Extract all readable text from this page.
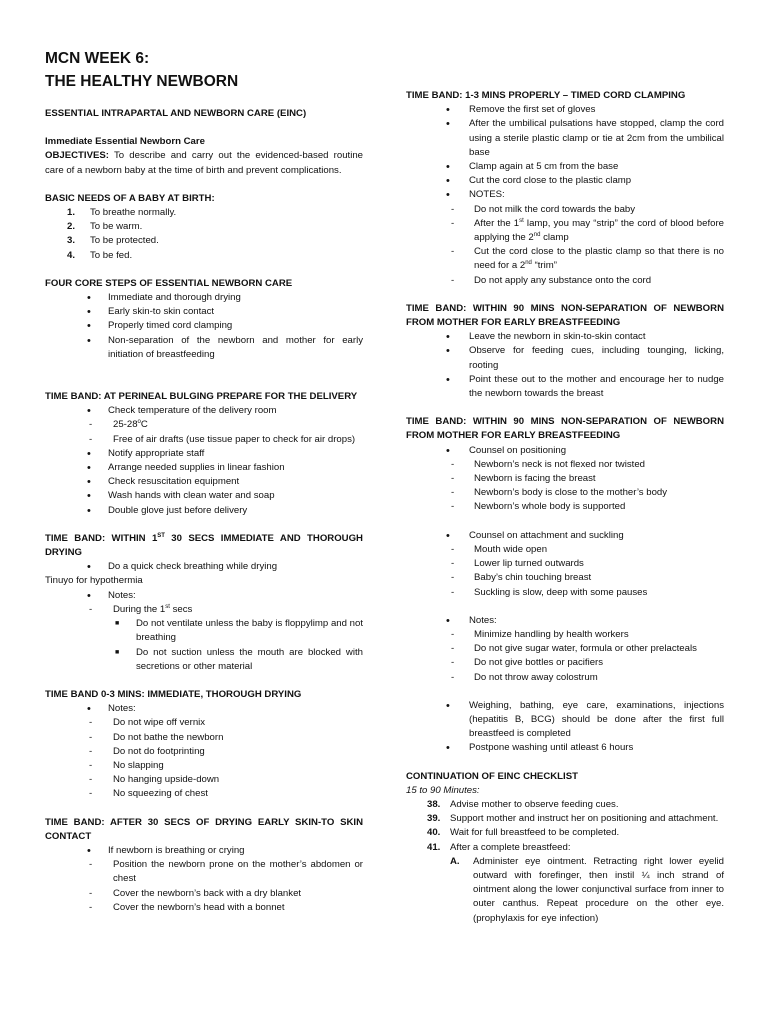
MCN WEEK 6:
THE HEALTHY NEWBORN
ESSENTIAL INTRAPARTAL AND NEWBORN CARE (EINC)
Immediate Essential Newborn Care
OBJECTIVES: To describe and carry out the evidenced-based routine care of a newborn baby at the time of birth and prevent complications.
BASIC NEEDS OF A BABY AT BIRTH:
1. To breathe normally.
2. To be warm.
3. To be protected.
4. To be fed.
FOUR CORE STEPS OF ESSENTIAL NEWBORN CARE
• Immediate and thorough drying
• Early skin-to skin contact
• Properly timed cord clamping
• Non-separation of the newborn and mother for early initiation of breastfeeding
TIME BAND: AT PERINEAL BULGING PREPARE FOR THE DELIVERY
• Check temperature of the delivery room
- 25-28$^o$C
- Free of air drafts (use tissue paper to check for air drops)
• Notify appropriate staff
• Arrange needed supplies in linear fashion
• Check resuscitation equipment
• Wash hands with clean water and soap
• Double glove just before delivery
TIME BAND: WITHIN 1ST 30 SECS IMMEDIATE AND THOROUGH DRYING
• Do a quick check breathing while drying
Tinuyo for hypothermia
• Notes:
- During the 1st secs
■ Do not ventilate unless the baby is floppylimp and not breathing
■ Do not suction unless the mouth are blocked with secretions or other material
TIME BAND 0-3 MINS: IMMEDIATE, THOROUGH DRYING
• Notes:
- Do not wipe off vernix
- Do not bathe the newborn
- Do not do footprinting
- No slapping
- No hanging upside-down
- No squeezing of chest
TIME BAND: AFTER 30 SECS OF DRYING EARLY SKIN-TO SKIN CONTACT
• If newborn is breathing or crying
- Position the newborn prone on the mother’s abdomen or chest
- Cover the newborn’s back with a dry blanket
- Cover the newborn’s head with a bonnet
TIME BAND: 1-3 MINS PROPERLY – TIMED CORD CLAMPING
• Remove the first set of gloves
• After the umbilical pulsations have stopped, clamp the cord using a sterile plastic clamp or tie at 2cm from the umbilical base
• Clamp again at 5 cm from the base
• Cut the cord close to the plastic clamp
• NOTES:
- Do not milk the cord towards the baby
- After the 1st lamp, you may “strip” the cord of blood before applying the 2nd clamp
- Cut the cord close to the plastic clamp so that there is no need for a 2nd “trim”
- Do not apply any substance onto the cord
TIME BAND: WITHIN 90 MINS NON-SEPARATION OF NEWBORN FROM MOTHER FOR EARLY BREASTFEEDING
• Leave the newborn in skin-to-skin contact
• Observe for feeding cues, including tounging, licking, rooting
• Point these out to the mother and encourage her to nudge the newborn towards the breast
TIME BAND: WITHIN 90 MINS NON-SEPARATION OF NEWBORN FROM MOTHER FOR EARLY BREASTFEEDING
• Counsel on positioning
- Newborn’s neck is not flexed nor twisted
- Newborn is facing the breast
- Newborn’s body is close to the mother’s body
- Newborn’s whole body is supported
• Counsel on attachment and suckling
- Mouth wide open
- Lower lip turned outwards
- Baby’s chin touching breast
- Suckling is slow, deep with some pauses
• Notes:
- Minimize handling by health workers
- Do not give sugar water, formula or other prelacteals
- Do not give bottles or pacifiers
- Do not throw away colostrum
• Weighing, bathing, eye care, examinations, injections (hepatitis B, BCG) should be done after the first full breastfeed is completed
• Postpone washing until atleast 6 hours
CONTINUATION OF EINC CHECKLIST
15 to 90 Minutes:
38. Advise mother to observe feeding cues.
39. Support mother and instruct her on positioning and attachment.
40. Wait for full breastfeed to be completed.
41. After a complete breastfeed:
A. Administer eye ointment. Retracting right lower eyelid outward with forefinger, then instil ¼ inch strand of ointment along the lower conjunctival surface from inner to outer canthus. Repeat procedure on the other eye. (prophylaxis for eye infection)
